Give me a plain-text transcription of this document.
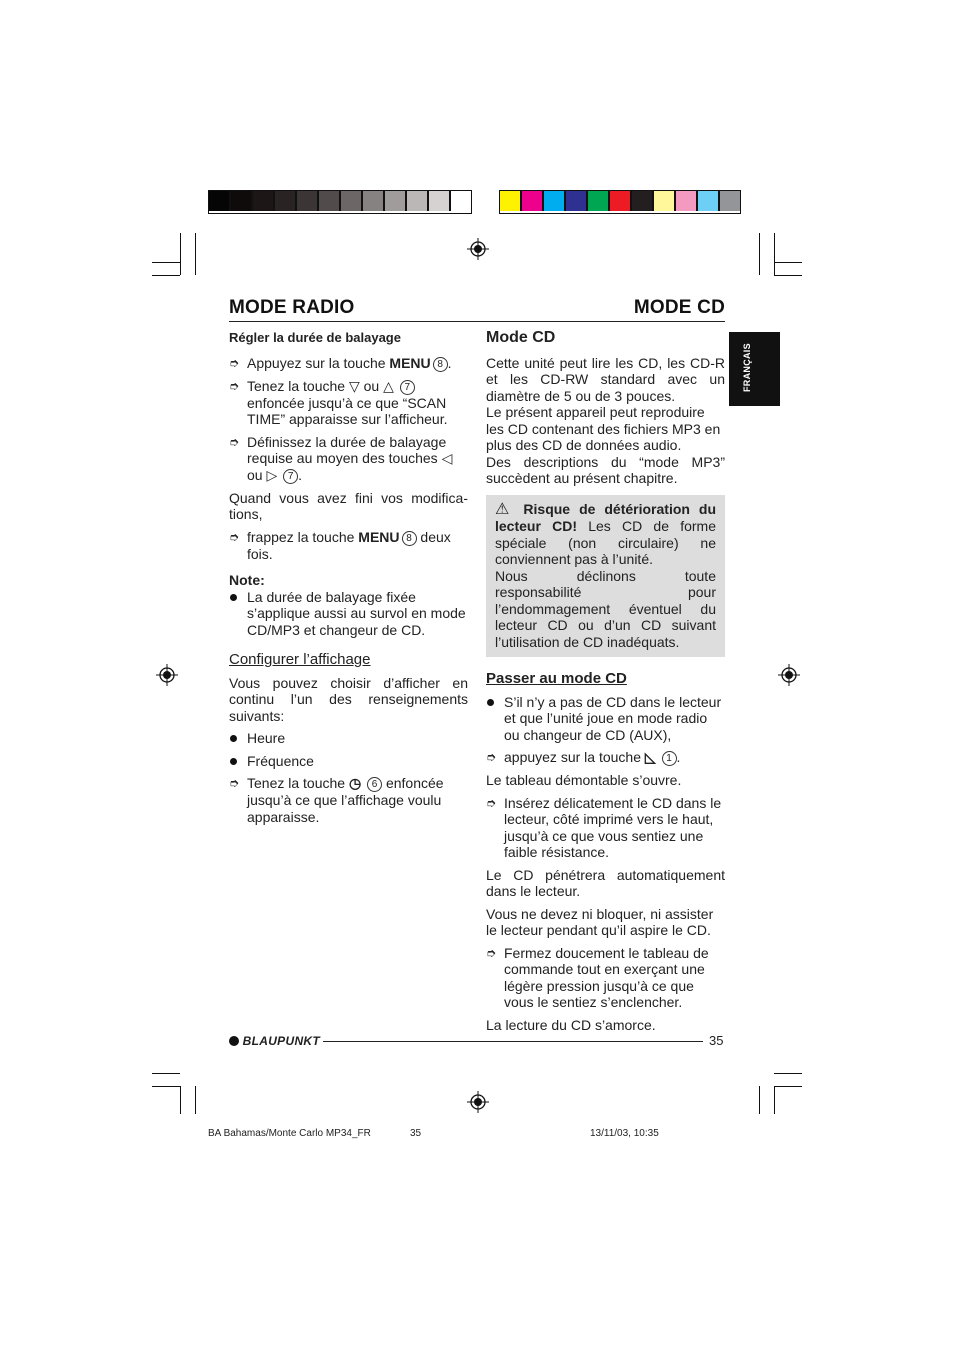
MODE RADIO	MODE CD
FRANÇAIS
Régler la durée de balayage
➮ Appuyez sur la touche MENU 8 .
➮ Tenez la touche ▽ ou △ 7 enfoncée jusqu’à ce que “SCAN TIME” apparaisse sur l’afficheur.
➮ Définissez la durée de balayage requise au moyen des touches ◁ ou ▷ 7 .

Quand vous avez fini vos modifica-tions,

➮ frappez la touche MENU 8 deux fois.
Note:
La durée de balayage fixée s’applique aussi au survol en mode CD/MP3 et changeur de CD.
Configurer l’affichage

Vous pouvez choisir d’afficher en continu l’un des renseignements suivants:

Heure
Fréquence
➮ Tenez la touche ◷ 6 enfoncée jusqu’à ce que l’affichage voulu apparaisse.
Mode CD
Cette unité peut lire les CD, les CD-R et les CD-RW standard avec un diamètre de 5 ou de 3 pouces.
Le présent appareil peut reproduire les CD contenant des fichiers MP3 en plus des CD de données audio.
Des descriptions du “mode MP3” succèdent au présent chapitre.
⚠ Risque de détérioration du lecteur CD! Les CD de forme spéciale (non circulaire) ne conviennent pas à l’unité.
Nous déclinons toute responsabilité pour l’endommagement éventuel du lecteur CD ou d’un CD suivant l’utilisation de CD inadéquats.
Passer au mode CD
S’il n’y a pas de CD dans le lecteur et que l’unité joue en mode radio ou changeur de CD (AUX),
➮ appuyez sur la touche ◺ 1 .

Le tableau démontable s’ouvre.

➮ Insérez délicatement le CD dans le lecteur, côté imprimé vers le haut, jusqu’à ce que vous sentiez une faible résistance.

Le CD pénétrera automatiquement dans le lecteur.

Vous ne devez ni bloquer, ni assister le lecteur pendant qu’il aspire le CD.

➮ Fermez doucement le tableau de commande tout en exerçant une légère pression jusqu’à ce que vous le sentiez s’enclencher.

La lecture du CD s’amorce.

BLAUPUNKT	35
BA Bahamas/Monte Carlo MP34_FR	35	13/11/03, 10:35
